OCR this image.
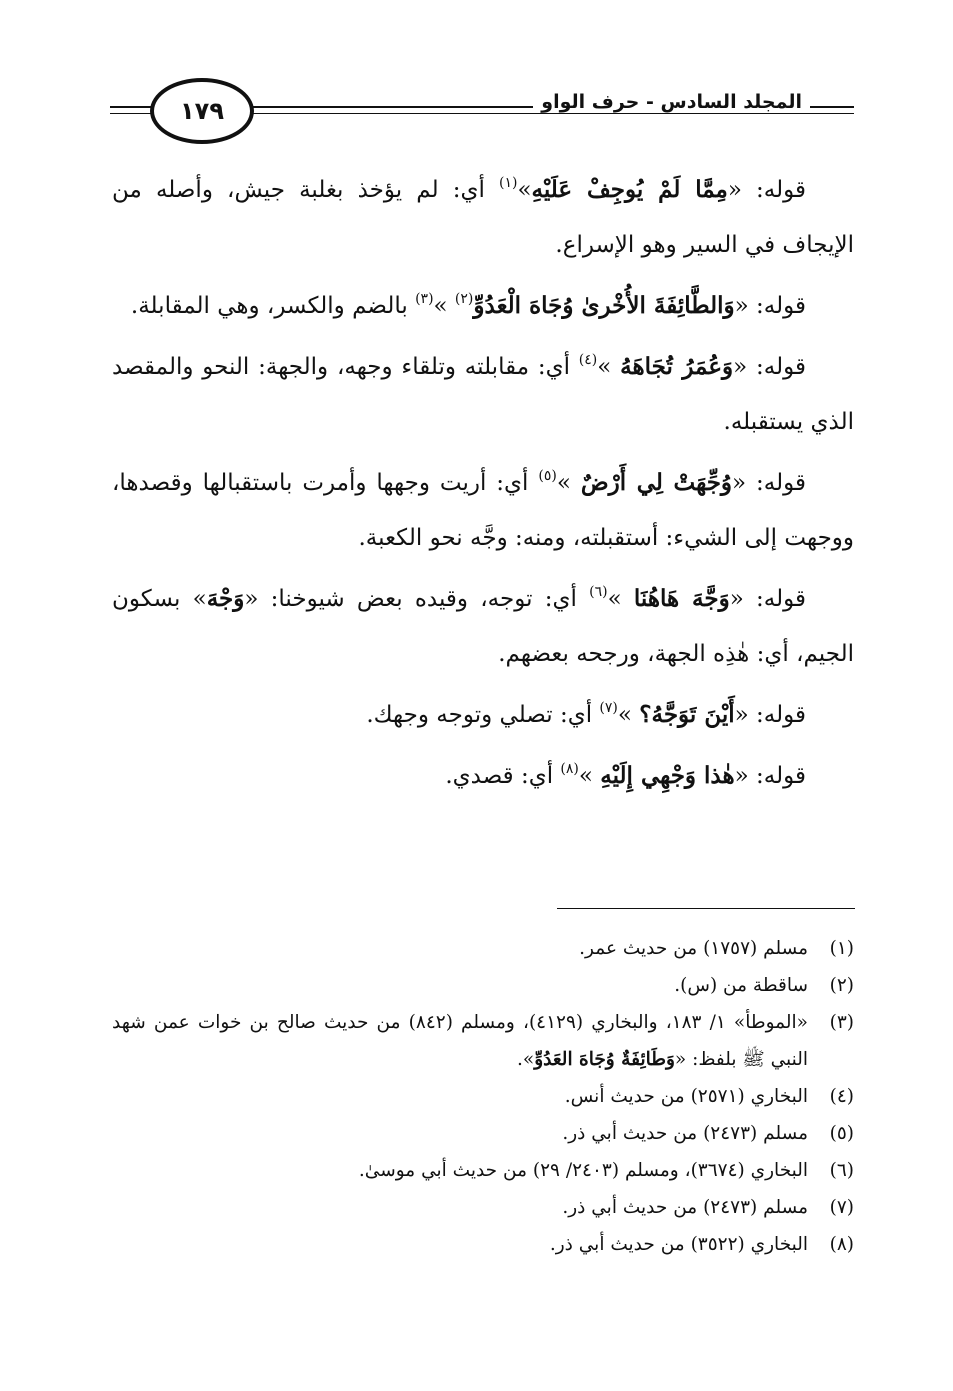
١٧٩	المجلد السادس - حرف الواو

قوله: «مِمَّا لَمْ يُوجِفْ عَلَيْهِ»$^{(١)}$ أي: لم يؤخذ بغلبة جيش، وأصله من الإيجاف في السير وهو الإسراع.

قوله: «وَالطَّائِفَةَ الأُخْرىٰ وُجَاهَ الْعَدُوِّ$^{(٢)}$ »$^{(٣)}$ بالضم والكسر، وهي المقابلة.

قوله: «وَعُمَرُ تُجَاهَهُ »$^{(٤)}$ أي: مقابلته وتلقاء وجهه، والجهة: النحو والمقصد الذي يستقبله.

قوله: «وُجِّهَتْ لِي أَرْضٌ »$^{(٥)}$ أي: أريت وجهها وأمرت باستقبالها وقصدها، ووجهت إلى الشيء: أستقبلته، ومنه: وجَّه نحو الكعبة.

قوله: «وَجَّهَ هَاهُنَا »$^{(٦)}$ أي: توجه، وقيده بعض شيوخنا: «وَجْهَ» بسكون الجيم، أي: هٰذِه الجهة، ورجحه بعضهم.

قوله: «أَيْنَ تَوَجَّهُ؟ »$^{(٧)}$ أي: تصلي وتوجه وجهك.

قوله: «هٰذا وَجْهِي إِلَيْهِ »$^{(٨)}$ أي: قصدي.

(١)
مسلم (١٧٥٧) من حديث عمر.
(٢)
ساقطة من (س).
(٣)
«الموطأ» ١/ ١٨٣، والبخاري (٤١٢٩)، ومسلم (٨٤٢) من حديث صالح بن خوات عمن شهد النبي ﷺ بلفظ: «وَطَائِفَةٌ وُجَاهَ العَدُوِّ».
(٤)
البخاري (٢٥٧١) من حديث أنس.
(٥)
مسلم (٢٤٧٣) من حديث أبي ذر.
(٦)
البخاري (٣٦٧٤)، ومسلم (٢٤٠٣/ ٢٩) من حديث أبي موسىٰ.
(٧)
مسلم (٢٤٧٣) من حديث أبي ذر.
(٨)
البخاري (٣٥٢٢) من حديث أبي ذر.
